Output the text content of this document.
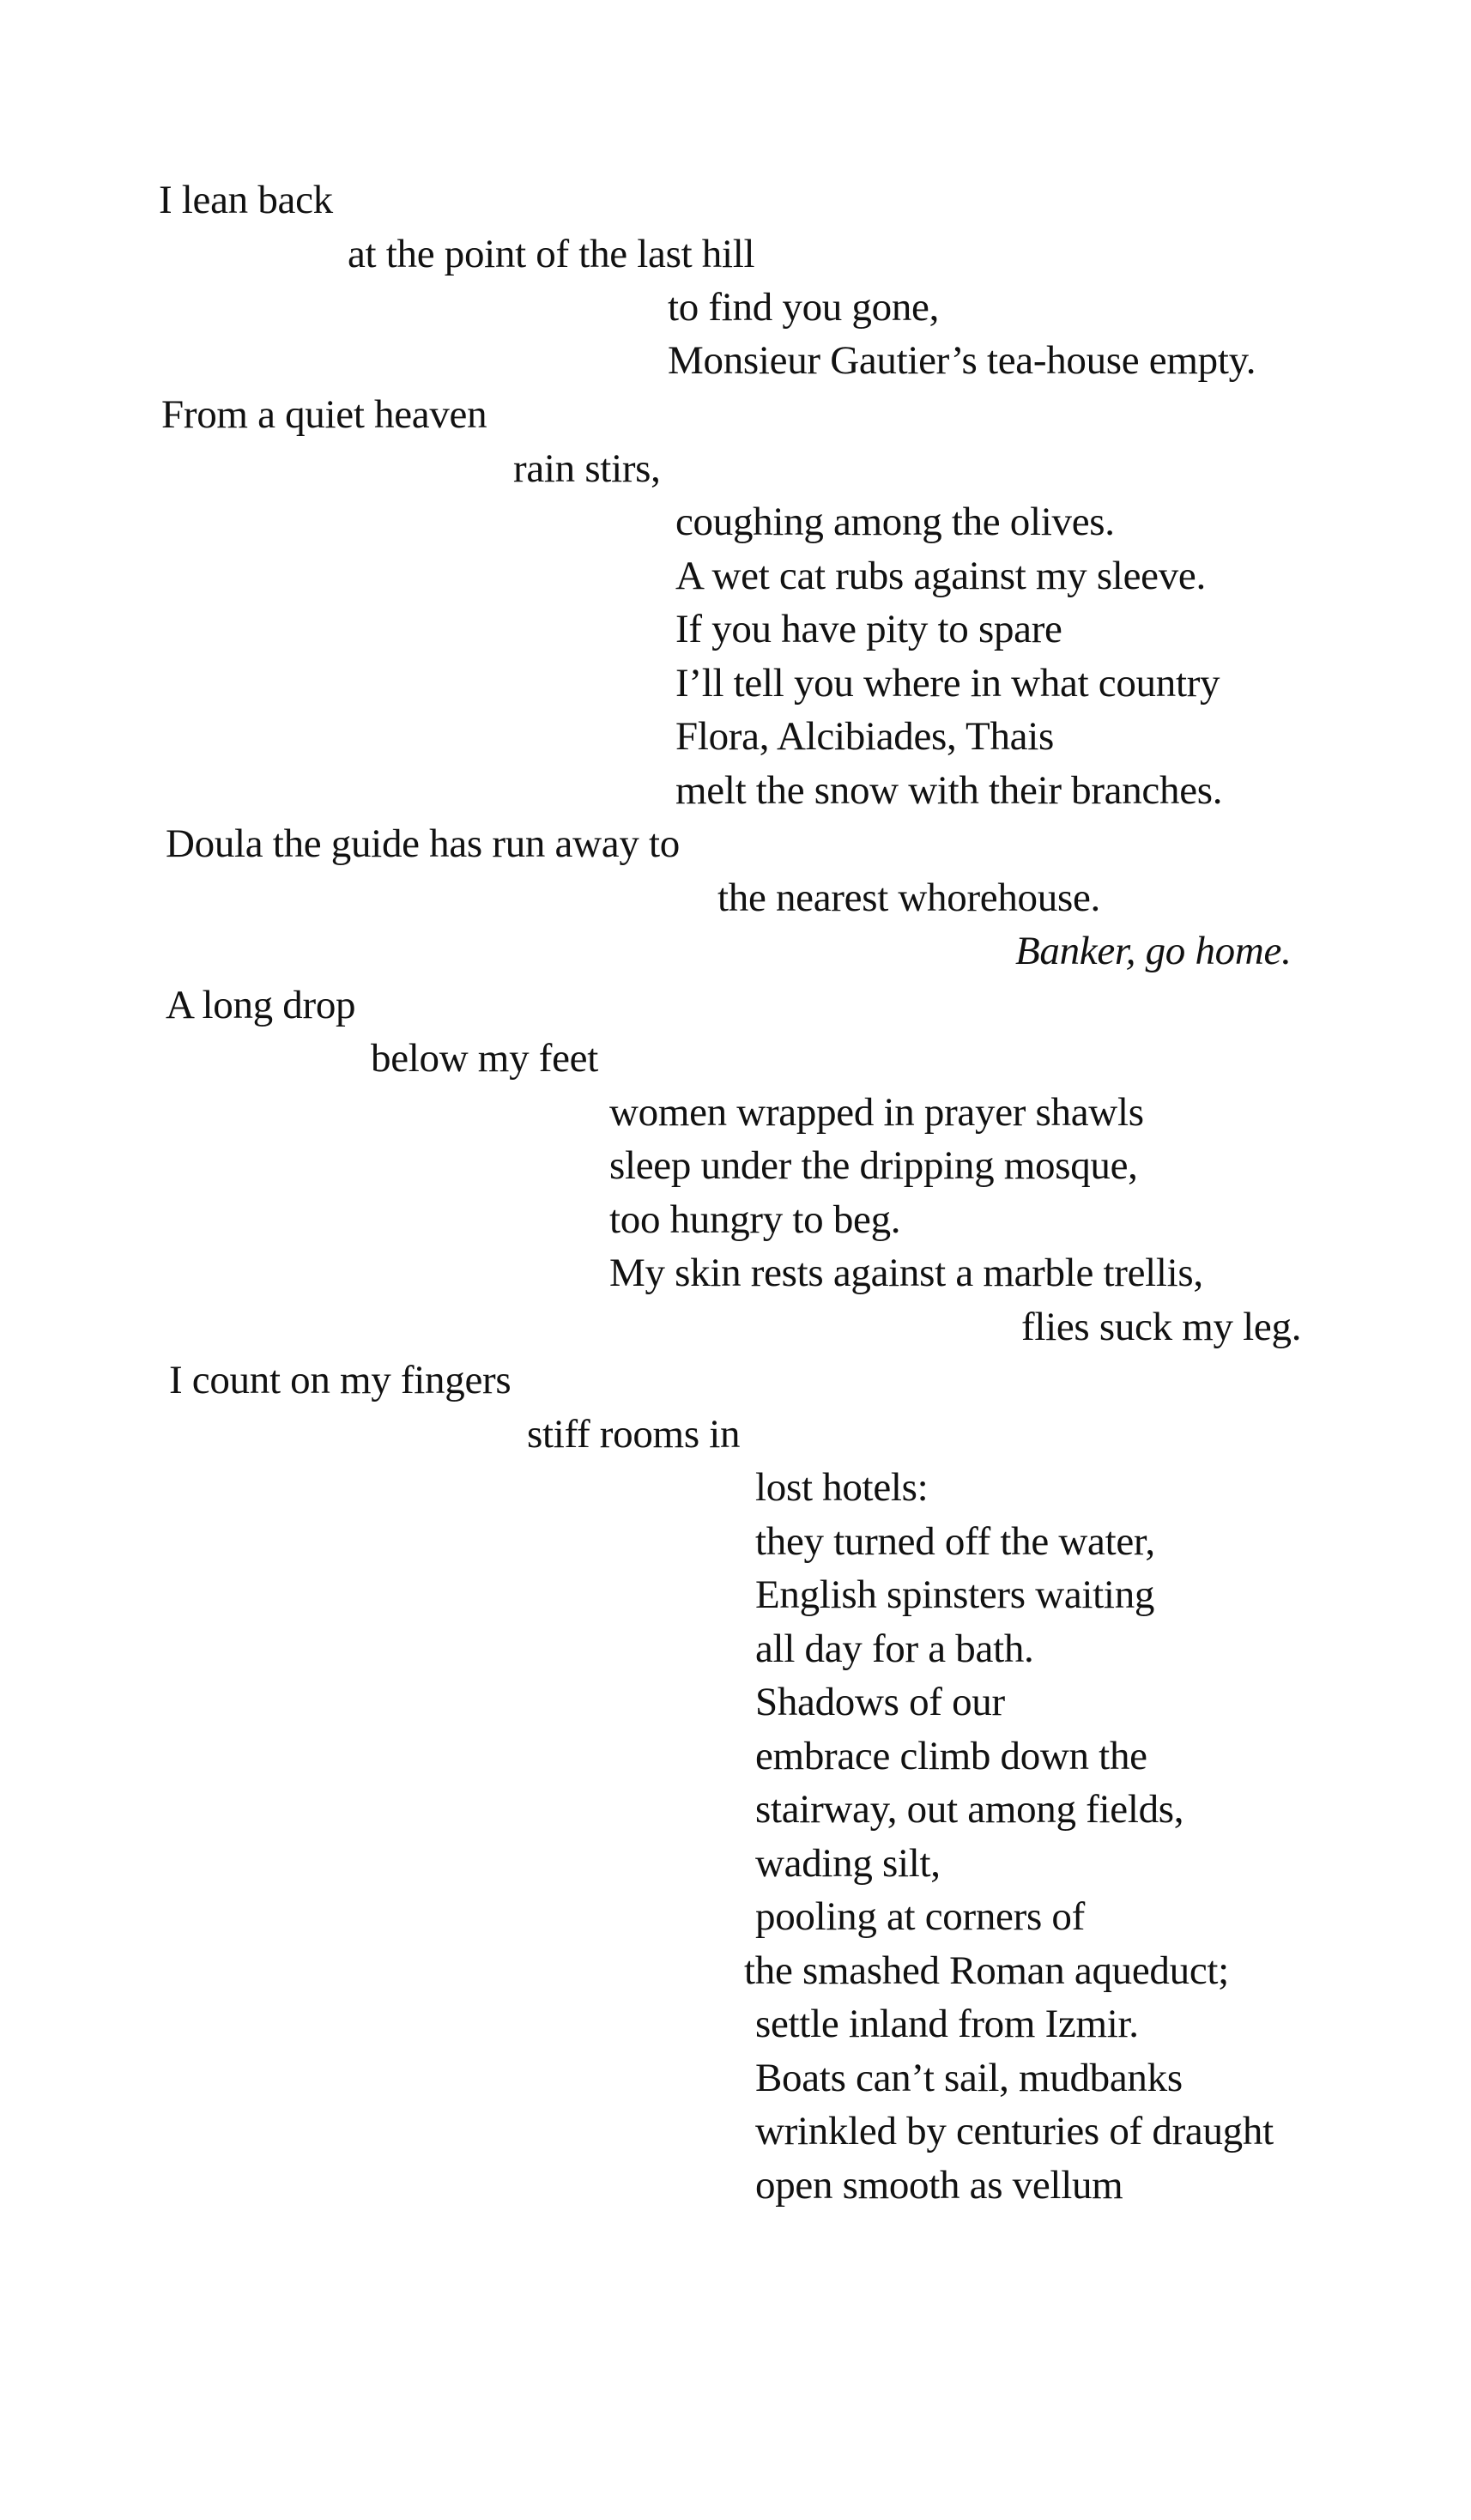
I lean back
at the point of the last hill
to find you gone,
Monsieur Gautier’s tea-house empty.
From a quiet heaven
rain stirs,
coughing among the olives.
A wet cat rubs against my sleeve.
If you have pity to spare
I’ll tell you where in what country
Flora, Alcibiades, Thais
melt the snow with their branches.
Doula the guide has run away to
the nearest whorehouse.
Banker, go home.
A long drop
below my feet
women wrapped in prayer shawls
sleep under the dripping mosque,
too hungry to beg.
My skin rests against a marble trellis,
flies suck my leg.
I count on my fingers
stiff rooms in
lost hotels:
they turned off the water,
English spinsters waiting
all day for a bath.
Shadows of our
embrace climb down the
stairway, out among fields,
wading silt,
pooling at corners of
the smashed Roman aqueduct;
settle inland from Izmir.
Boats can’t sail, mudbanks
wrinkled by centuries of draught
open smooth as vellum
